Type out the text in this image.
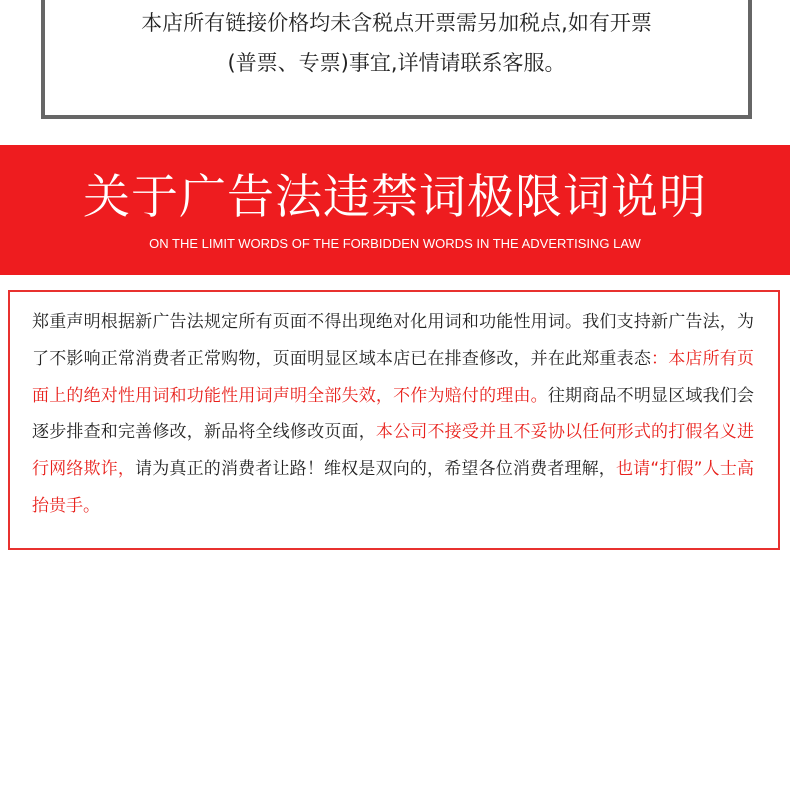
本店所有链接价格均未含税点开票需另加税点,如有开票
(普票、专票)事宜,详情请联系客服。
关于广告法违禁词极限词说明
ON THE LIMIT WORDS OF THE FORBIDDEN WORDS IN THE ADVERTISING LAW
郑重声明根据新广告法规定所有页面不得出现绝对化用词和功能性用词。我们支持新广告法，为了不影响正常消费者正常购物，页面明显区域本店已在排查修改，并在此郑重表态：本店所有页面上的绝对性用词和功能性用词声明全部失效，不作为赔付的理由。往期商品不明显区域我们会逐步排查和完善修改，新品将全线修改页面，本公司不接受并且不妥协以任何形式的打假名义进行网络欺诈，请为真正的消费者让路！维权是双向的，希望各位消费者理解，也请“打假”人士高抬贵手。
